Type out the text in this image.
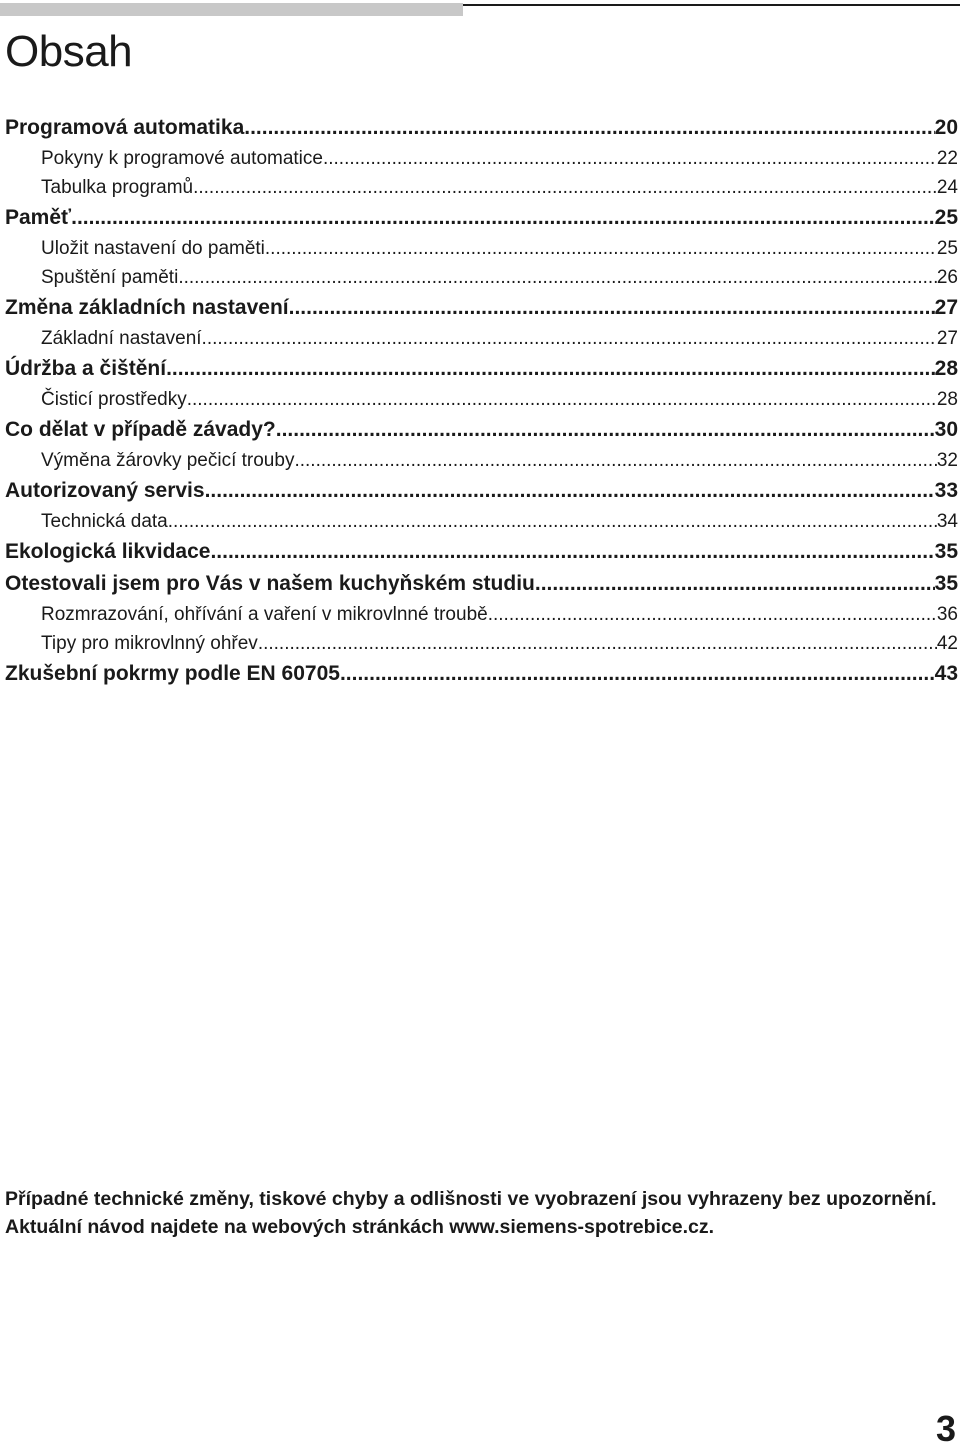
Obsah
Programová automatika .....	20
Pokyny k programové automatice .....	22
Tabulka programů .....	24
Paměť .....	25
Uložit nastavení do paměti .....	25
Spuštění paměti .....	26
Změna základních nastavení .....	27
Základní nastavení .....	27
Údržba a čištění .....	28
Čisticí prostředky .....	28
Co dělat v případě závady? .....	30
Výměna žárovky pečicí trouby .....	32
Autorizovaný servis .....	33
Technická data .....	34
Ekologická likvidace .....	35
Otestovali jsem pro Vás v našem kuchyňském studiu .....	35
Rozmrazování, ohřívání a vaření v mikrovlnné troubě .....	36
Tipy pro mikrovlnný ohřev .....	42
Zkušební pokrmy podle EN 60705 .....	43

Případné technické změny, tiskové chyby a odlišnosti ve vyobrazení jsou vyhrazeny bez upozornění. Aktuální návod najdete na webových stránkách www.siemens-spotrebice.cz.

3
